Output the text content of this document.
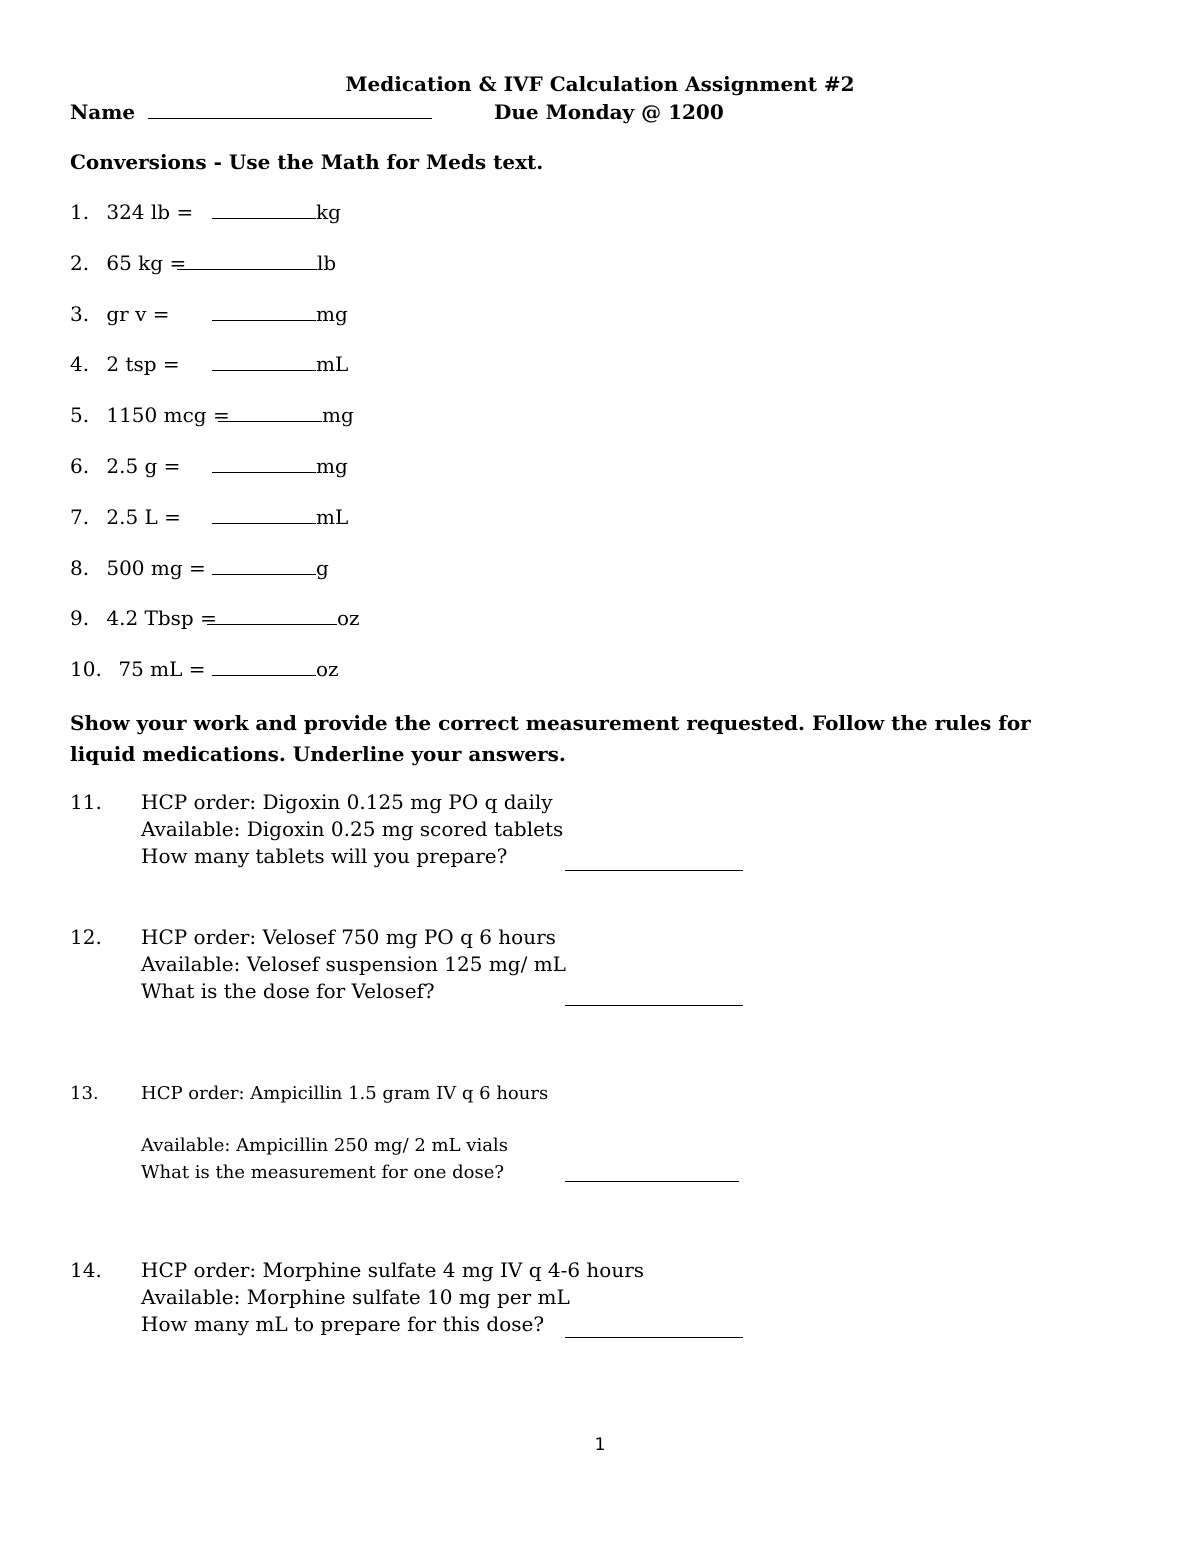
Medication & IVF Calculation Assignment #2
Name	Due Monday @ 1200
Conversions - Use the Math for Meds text.
1. 324 lb =	kg
2. 65 kg =	lb
3. gr v =	mg
4. 2 tsp =	mL
5. 1150 mcg =	mg
6. 2.5 g =	mg
7. 2.5 L =	mL
8. 500 mg =	g
9. 4.2 Tbsp =	oz
10. 75 mL =	oz
Show your work and provide the correct measurement requested. Follow the rules for liquid medications. Underline your answers.
11. HCP order: Digoxin 0.125 mg PO q daily
Available: Digoxin 0.25 mg scored tablets
How many tablets will you prepare?
12. HCP order: Velosef 750 mg PO q 6 hours
Available: Velosef suspension 125 mg/ mL
What is the dose for Velosef?
13. HCP order: Ampicillin 1.5 gram IV q 6 hours
Available: Ampicillin 250 mg/ 2 mL vials
What is the measurement for one dose?
14. HCP order: Morphine sulfate 4 mg IV q 4-6 hours
Available: Morphine sulfate 10 mg per mL
How many mL to prepare for this dose?
1
